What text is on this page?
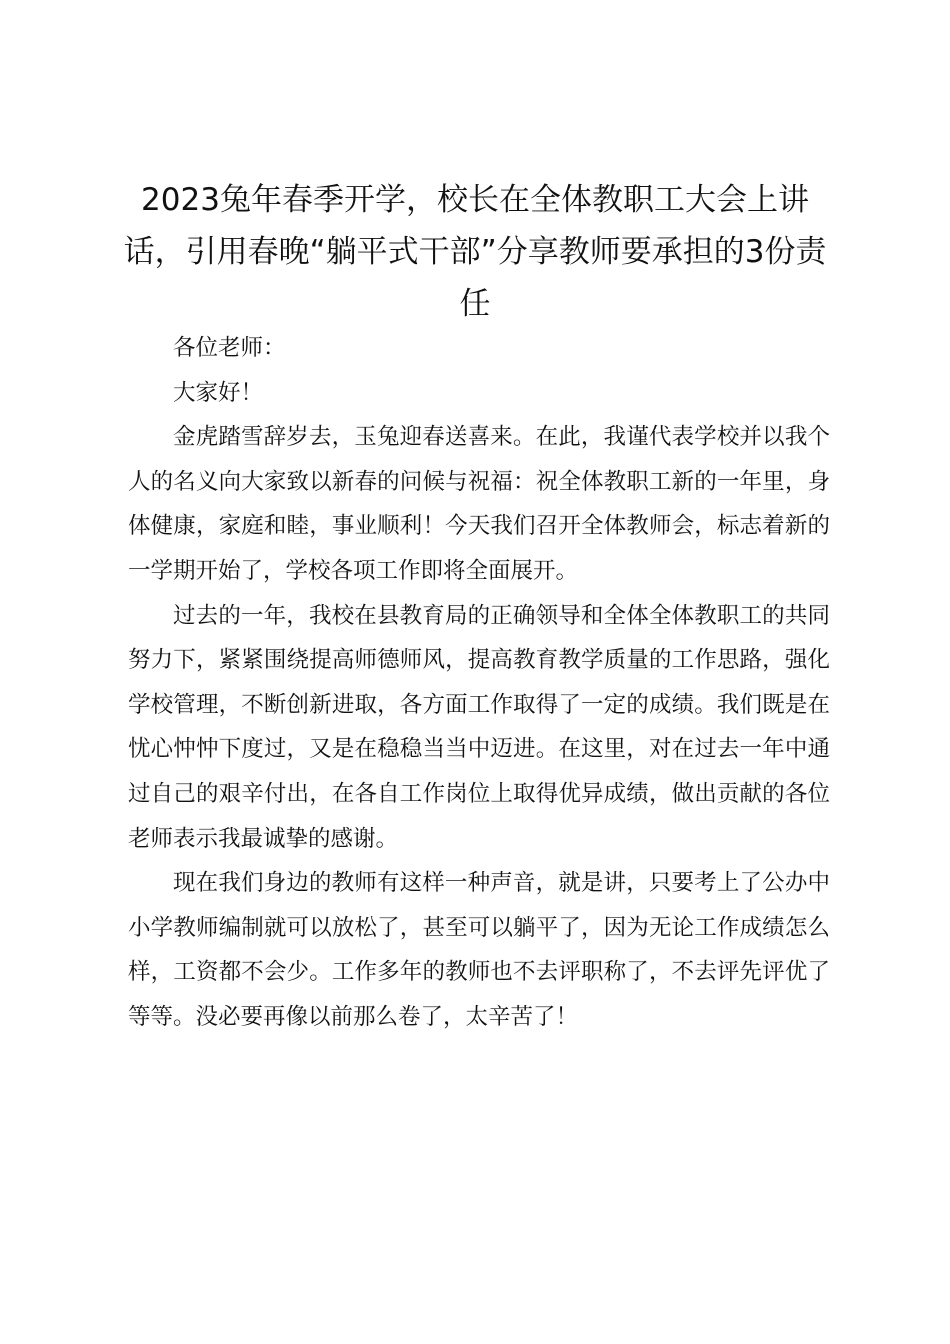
2023兔年春季开学，校长在全体教职工大会上讲话，引用春晚“躺平式干部”分享教师要承担的3份责任

各位老师：

大家好！

金虎踏雪辞岁去，玉兔迎春送喜来。在此，我谨代表学校并以我个人的名义向大家致以新春的问候与祝福：祝全体教职工新的一年里，身体健康，家庭和睦，事业顺利！今天我们召开全体教师会，标志着新的一学期开始了，学校各项工作即将全面展开。

过去的一年，我校在县教育局的正确领导和全体全体教职工的共同努力下，紧紧围绕提高师德师风，提高教育教学质量的工作思路，强化学校管理，不断创新进取，各方面工作取得了一定的成绩。我们既是在忧心忡忡下度过，又是在稳稳当当中迈进。在这里，对在过去一年中通过自己的艰辛付出，在各自工作岗位上取得优异成绩，做出贡献的各位老师表示我最诚挚的感谢。

现在我们身边的教师有这样一种声音，就是讲，只要考上了公办中小学教师编制就可以放松了，甚至可以躺平了，因为无论工作成绩怎么样，工资都不会少。工作多年的教师也不去评职称了，不去评先评优了等等。没必要再像以前那么卷了，太辛苦了！
